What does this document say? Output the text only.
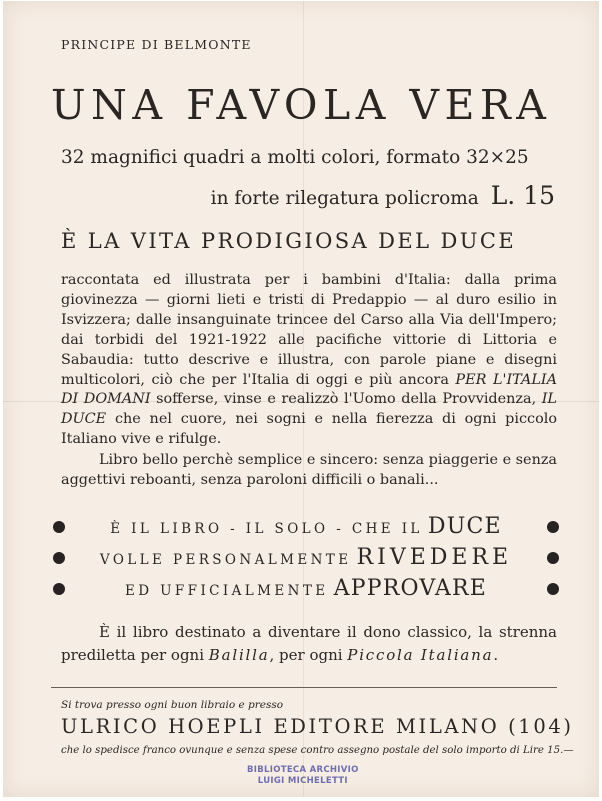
PRINCIPE DI BELMONTE
UNA FAVOLA VERA
32 magnifici quadri a molti colori, formato 32×25
in forte rilegatura policroma L. 15
È LA VITA PRODIGIOSA DEL DUCE

raccontata ed illustrata per i bambini d'Italia: dalla prima giovinezza — giorni lieti e tristi di Predappio — al duro esilio in Isvizzera; dalle insanguinate trincee del Carso alla Via dell'Impero; dai torbidi del 1921-1922 alle pacifiche vittorie di Littoria e Sabaudia: tutto descrive e illustra, con parole piane e disegni multicolori, ciò che per l'Italia di oggi e più ancora PER L'ITALIA DI DOMANI sofferse, vinse e realizzò l'Uomo della Provvidenza, IL DUCE che nel cuore, nei sogni e nella fierezza di ogni piccolo Italiano vive e rifulge.

Libro bello perchè semplice e sincero: senza piaggerie e senza aggettivi reboanti, senza paroloni difficili o banali...

È IL LIBRO - IL SOLO - CHE IL DUCE
VOLLE PERSONALMENTE RIVEDERE
ED UFFICIALMENTE APPROVARE

È il libro destinato a diventare il dono classico, la strenna prediletta per ogni Balilla, per ogni Piccola Italiana.

Si trova presso ogni buon libraio e presso
ULRICO HOEPLI EDITORE MILANO (104)
che lo spedisce franco ovunque e senza spese contro assegno postale del solo importo di Lire 15.—
BIBLIOTECA ARCHIVIO
LUIGI MICHELETTI
